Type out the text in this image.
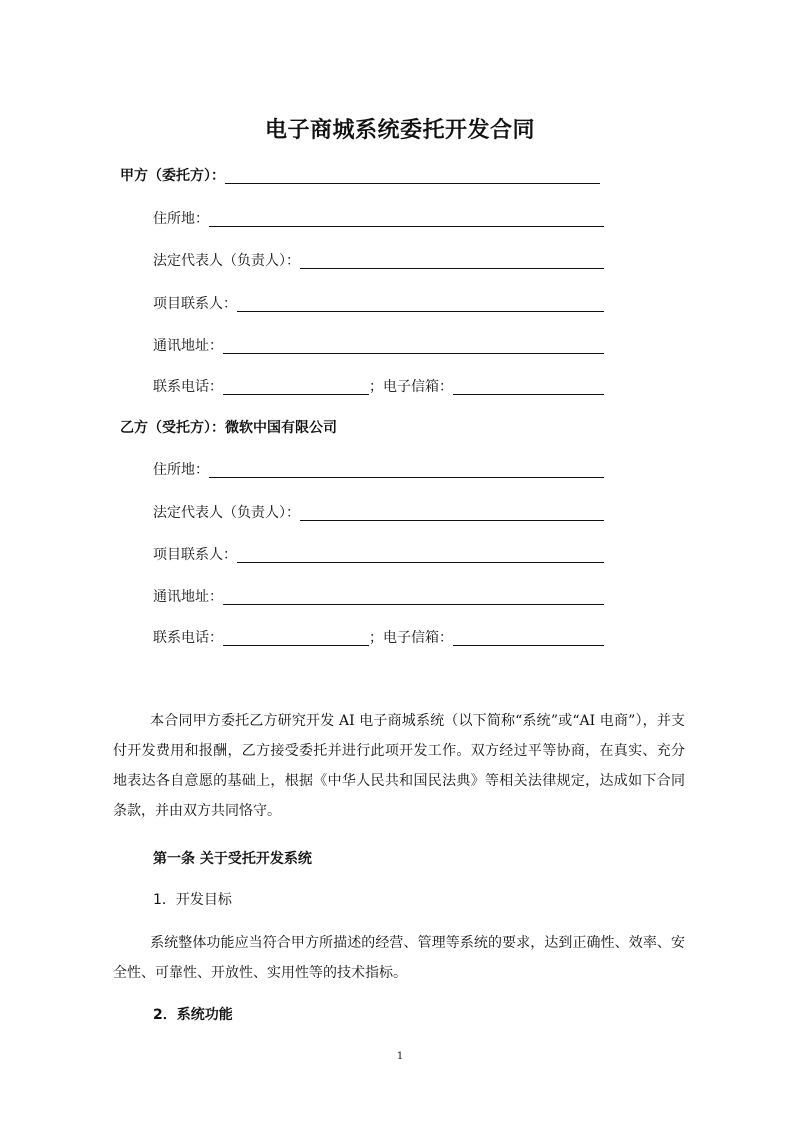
电子商城系统委托开发合同
甲方（委托方）：
住所地：
法定代表人（负责人）：
项目联系人：
通讯地址：
联系电话：	；电子信箱：
乙方（受托方）：微软中国有限公司
住所地：
法定代表人（负责人）：
项目联系人：
通讯地址：
联系电话：	；电子信箱：

本合同甲方委托乙方研究开发 AI 电子商城系统（以下简称“系统”或“AI 电商”），并支付开发费用和报酬，乙方接受委托并进行此项开发工作。双方经过平等协商，在真实、充分地表达各自意愿的基础上，根据《中华人民共和国民法典》等相关法律规定，达成如下合同条款，并由双方共同恪守。

第一条 关于受托开发系统

1．开发目标

系统整体功能应当符合甲方所描述的经营、管理等系统的要求，达到正确性、效率、安全性、可靠性、开放性、实用性等的技术指标。

2．系统功能

1
